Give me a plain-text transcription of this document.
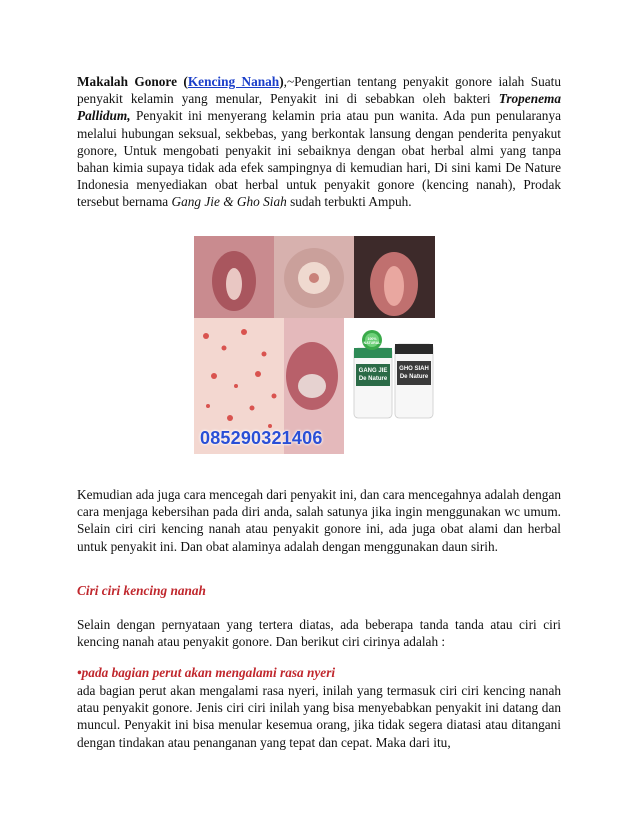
Makalah Gonore (Kencing Nanah),~Pengertian tentang penyakit gonore ialah Suatu penyakit kelamin yang menular, Penyakit ini di sebabkan oleh bakteri Tropenema Pallidum, Penyakit ini menyerang kelamin pria atau pun wanita. Ada pun penularanya melalui hubungan seksual, sekbebas, yang berkontak lansung dengan penderita penyakut gonore, Untuk mengobati penyakit ini sebaiknya dengan obat herbal almi yang tanpa bahan kimia supaya tidak ada efek sampingnya di kemudian hari, Di sini kami De Nature Indonesia menyediakan obat herbal untuk penyakit gonore (kencing nanah), Prodak tersebut bernama Gang Jie & Gho Siah sudah terbukti Ampuh.

GANG JIE
De Nature
GHO SIAH
De Nature
100% NATURAL
085290321406

Kemudian ada juga cara mencegah dari penyakit ini, dan cara mencegahnya adalah dengan cara menjaga kebersihan pada diri anda, salah satunya jika ingin menggunakan wc umum. Selain ciri ciri kencing nanah atau penyakit gonore ini, ada juga obat alami dan herbal untuk penyakit ini. Dan obat alaminya adalah dengan menggunakan daun sirih.

Ciri ciri kencing nanah

Selain dengan pernyataan yang tertera diatas, ada beberapa tanda tanda atau ciri ciri kencing nanah atau penyakit gonore. Dan berikut ciri cirinya adalah :

•pada bagian perut akan mengalami rasa nyeri

ada bagian perut akan mengalami rasa nyeri, inilah yang termasuk ciri ciri kencing nanah atau penyakit gonore. Jenis ciri ciri inilah yang bisa menyebabkan penyakit ini datang dan muncul. Penyakit ini bisa menular kesemua orang, jika tidak segera diatasi atau ditangani dengan tindakan atau penanganan yang tepat dan cepat. Maka dari itu,
